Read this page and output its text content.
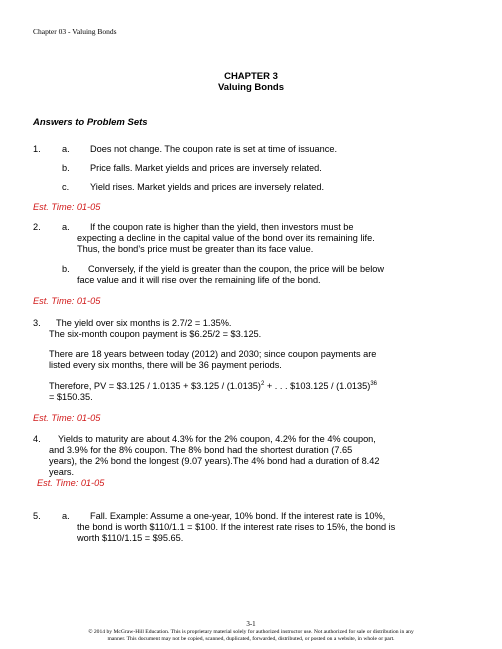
Chapter 03 - Valuing Bonds
CHAPTER 3
Valuing Bonds
Answers to Problem Sets
1. a. Does not change. The coupon rate is set at time of issuance.
b. Price falls. Market yields and prices are inversely related.
c. Yield rises. Market yields and prices are inversely related.
Est. Time: 01-05
2. a. If the coupon rate is higher than the yield, then investors must be
expecting a decline in the capital value of the bond over its remaining life.
Thus, the bond’s price must be greater than its face value.
b. Conversely, if the yield is greater than the coupon, the price will be below
face value and it will rise over the remaining life of the bond.
Est. Time: 01-05
3. The yield over six months is 2.7/2 = 1.35%.
The six-month coupon payment is $6.25/2 = $3.125.
There are 18 years between today (2012) and 2030; since coupon payments are
listed every six months, there will be 36 payment periods.
Therefore, PV = $3.125 / 1.0135 + $3.125 / $(1.0135)^2$ + . . . $103.125 / $(1.0135)^{36}$
= $150.35.
Est. Time: 01-05
4. Yields to maturity are about 4.3% for the 2% coupon, 4.2% for the 4% coupon,
and 3.9% for the 8% coupon. The 8% bond had the shortest duration (7.65
years), the 2% bond the longest (9.07 years).The 4% bond had a duration of 8.42
years.
Est. Time: 01-05
5. a. Fall. Example: Assume a one-year, 10% bond. If the interest rate is 10%,
the bond is worth $110/1.1 = $100. If the interest rate rises to 15%, the bond is
worth $110/1.15 = $95.65.
3-1
© 2014 by McGraw-Hill Education. This is proprietary material solely for authorized instructor use. Not authorized for sale or distribution in any
manner. This document may not be copied, scanned, duplicated, forwarded, distributed, or posted on a website, in whole or part.
